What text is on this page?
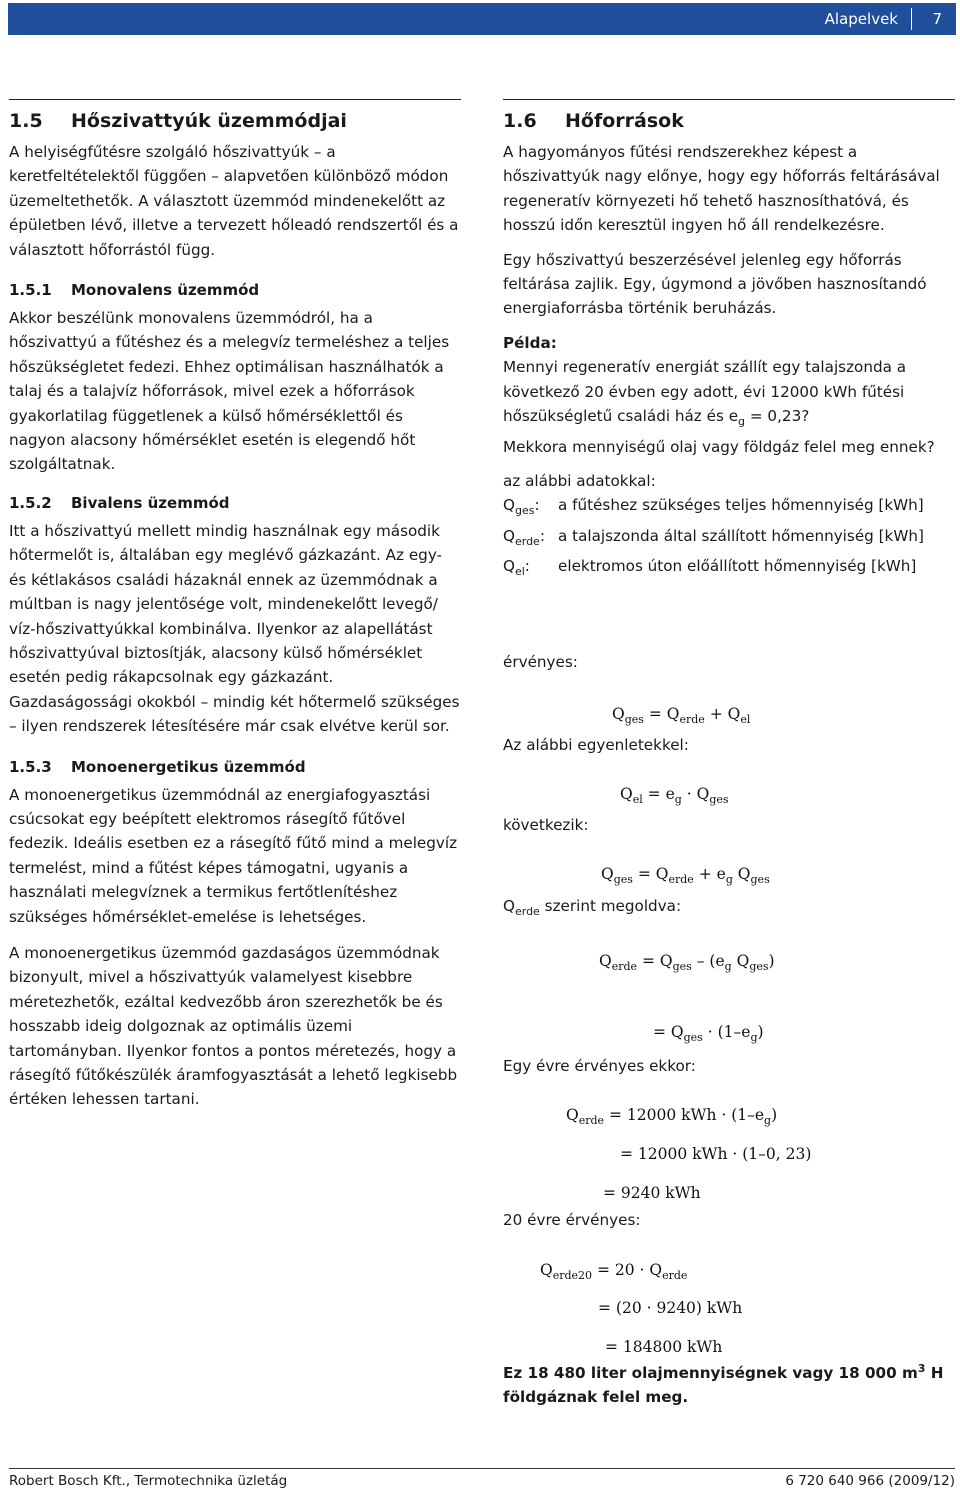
Alapelvek 7
1.5 Hőszivattyúk üzemmódjai

A helyiségfűtésre szolgáló hőszivattyúk – a keretfeltételektől függően – alapvetően különböző módon üzemeltethetők. A választott üzemmód mindenekelőtt az épületben lévő, illetve a tervezett hőleadó rendszertől és a választott hőforrástól függ.

1.5.1 Monovalens üzemmód

Akkor beszélünk monovalens üzemmódról, ha a hőszivattyú a fűtéshez és a melegvíz termeléshez a teljes hőszükségletet fedezi. Ehhez optimálisan használhatók a talaj és a talajvíz hőforrások, mivel ezek a hőforrások gyakorlatilag függetlenek a külső hőmérséklettől és nagyon alacsony hőmérséklet esetén is elegendő hőt szolgáltatnak.

1.5.2 Bivalens üzemmód

Itt a hőszivattyú mellett mindig használnak egy második hőtermelőt is, általában egy meglévő gázkazánt. Az egy- és kétlakásos családi házaknál ennek az üzemmódnak a múltban is nagy jelentősége volt, mindenekelőtt levegő/ víz-hőszivattyúkkal kombinálva. Ilyenkor az alapellátást hőszivattyúval biztosítják, alacsony külső hőmérséklet esetén pedig rákapcsolnak egy gázkazánt. Gazdaságossági okokból – mindig két hőtermelő szükséges – ilyen rendszerek létesítésére már csak elvétve kerül sor.

1.5.3 Monoenergetikus üzemmód

A monoenergetikus üzemmódnál az energiafogyasztási csúcsokat egy beépített elektromos rásegítő fűtővel fedezik. Ideális esetben ez a rásegítő fűtő mind a melegvíz termelést, mind a fűtést képes támogatni, ugyanis a használati melegvíznek a termikus fertőtlenítéshez szükséges hőmérséklet-emelése is lehetséges.

A monoenergetikus üzemmód gazdaságos üzemmódnak bizonyult, mivel a hőszivattyúk valamelyest kisebbre méretezhetők, ezáltal kedvezőbb áron szerezhetők be és hosszabb ideig dolgoznak az optimális üzemi tartományban. Ilyenkor fontos a pontos méretezés, hogy a rásegítő fűtőkészülék áramfogyasztását a lehető legkisebb értéken lehessen tartani.

1.6 Hőforrások

A hagyományos fűtési rendszerekhez képest a hőszivattyúk nagy előnye, hogy egy hőforrás feltárásával regeneratív környezeti hő tehető hasznosíthatóvá, és hosszú időn keresztül ingyen hő áll rendelkezésre.

Egy hőszivattyú beszerzésével jelenleg egy hőforrás feltárása zajlik. Egy, úgymond a jövőben hasznosítandó energiaforrásba történik beruházás.

Példa:

Mennyi regeneratív energiát szállít egy talajszonda a következő 20 évben egy adott, évi 12000 kWh fűtési hőszükségletű családi ház és $e_g = 0,23$?

Mekkora mennyiségű olaj vagy földgáz felel meg ennek?

az alábbi adatokkal:

$Q_{ges}$:	a fűtéshez szükséges teljes hőmennyiség [kWh]
$Q_{erde}$: a talajszonda által szállított hőmennyiség [kWh]
$Q_{el}$:	elektromos úton előállított hőmennyiség [kWh]
érvényes:
Az alábbi egyenletekkel:
következik:
$Q_{erde}$ szerint megoldva:
Egy évre érvényes ekkor:
20 évre érvényes:
Ez 18 480 liter olajmennyiségnek vagy 18 000 $m^3$ H földgáznak felel meg.
$Q_{ges} = Q_{erde} + Q_{el}$
$Q_{el} = e_g \cdot Q_{ges}$
$Q_{ges} = Q_{erde} + e_g$ $Q_{ges}$
$Q_{erde} = Q_{ges} - (e_g$ $Q_{ges}$)
= $Q_{ges} \cdot (1-e_g)$
$Q_{erde} = 12000$ kWh · $(1-e_g)$
= 12000 kWh · (1–0, 23)
= 9240 kWh
$Q_{erde20} = 20 \cdot Q_{erde}$
= (20 · 9240) kWh
= 184800 kWh
Robert Bosch Kft., Termotechnika üzletág	6 720 640 966 (2009/12)
